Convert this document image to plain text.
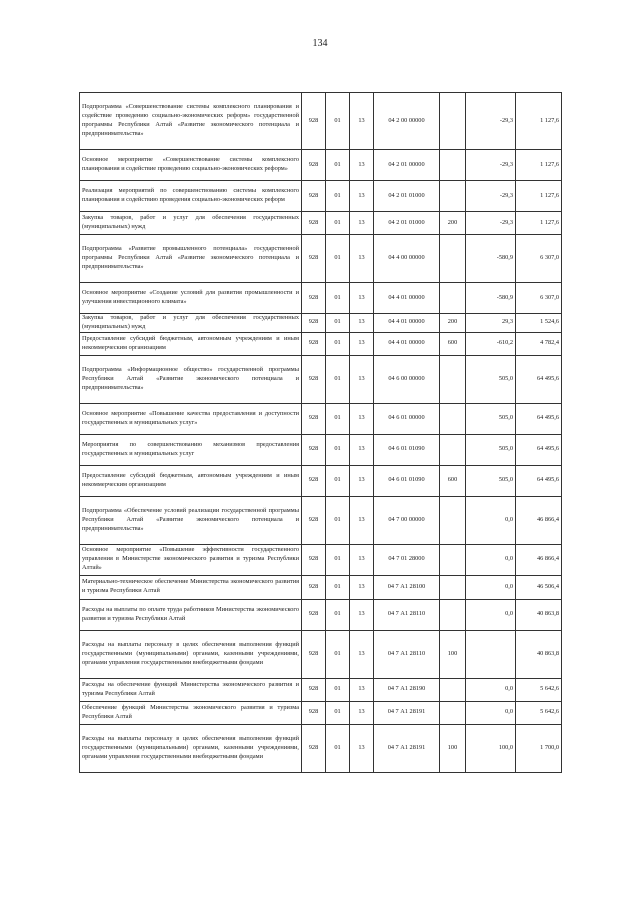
134
Подпрограмма «Совершенствование системы комплексного планирования и содействие проведению социально-экономических реформ» государственной программы Республики Алтай «Развитие экономического потенциала и предпринимательства»	928	01	13	04 2 00 00000		-29,3	1 127,6
Основное мероприятие «Совершенствование системы комплексного планирования и содействие проведению социально-экономических реформ»	928	01	13	04 2 01 00000		-29,3	1 127,6
Реализация мероприятий по совершенствованию системы комплексного планирования и содействию проведения социально-экономических реформ	928	01	13	04 2 01 01000		-29,3	1 127,6
Закупка товаров, работ и услуг для обеспечения государственных (муниципальных) нужд	928	01	13	04 2 01 01000	200	-29,3	1 127,6
Подпрограмма «Развитие промышленного потенциала» государственной программы Республики Алтай «Развитие экономического потенциала и предпринимательства»	928	01	13	04 4 00 00000		-580,9	6 307,0
Основное мероприятие «Создание условий для развития промышленности и улучшения инвестиционного климата»	928	01	13	04 4 01 00000		-580,9	6 307,0
Закупка товаров, работ и услуг для обеспечения государственных (муниципальных) нужд	928	01	13	04 4 01 00000	200	29,3	1 524,6
Предоставление субсидий бюджетным, автономным учреждениям и иным некоммерческим организациям	928	01	13	04 4 01 00000	600	-610,2	4 782,4
Подпрограмма «Информационное общество» государственной программы Республики Алтай «Развитие экономического потенциала и предпринимательства»	928	01	13	04 6 00 00000		505,0	64 495,6
Основное мероприятие «Повышение качества предоставления и доступности государственных и муниципальных услуг»	928	01	13	04 6 01 00000		505,0	64 495,6
Мероприятия по совершенствованию механизмов предоставления государственных и муниципальных услуг	928	01	13	04 6 01 01090		505,0	64 495,6
Предоставление субсидий бюджетным, автономным учреждениям и иным некоммерческим организациям	928	01	13	04 6 01 01090	600	505,0	64 495,6
Подпрограмма «Обеспечение условий реализации государственной программы Республики Алтай «Развитие экономического потенциала и предпринимательства»	928	01	13	04 7 00 00000		0,0	46 866,4
Основное мероприятие «Повышение эффективности государственного управления в Министерстве экономического развития и туризма Республики Алтай»	928	01	13	04 7 01 28000		0,0	46 866,4
Материально-техническое обеспечение Министерства экономического развития и туризма Республики Алтай	928	01	13	04 7 А1 28100		0,0	46 506,4
Расходы на выплаты по оплате труда работников Министерства экономического развития и туризма Республики Алтай	928	01	13	04 7 А1 28110		0,0	40 863,8
Расходы на выплаты персоналу в целях обеспечения выполнения функций государственными (муниципальными) органами, казенными учреждениями, органами управления государственными внебюджетными фондами	928	01	13	04 7 А1 28110	100		40 863,8
Расходы на обеспечение функций Министерства экономического развития и туризма Республики Алтай	928	01	13	04 7 А1 28190		0,0	5 642,6
Обеспечение функций Министерства экономического развития и туризма Республики Алтай	928	01	13	04 7 А1 28191		0,0	5 642,6
Расходы на выплаты персоналу в целях обеспечения выполнения функций государственными (муниципальными) органами, казенными учреждениями, органами управления государственными внебюджетными фондами	928	01	13	04 7 А1 28191	100	100,0	1 700,0
